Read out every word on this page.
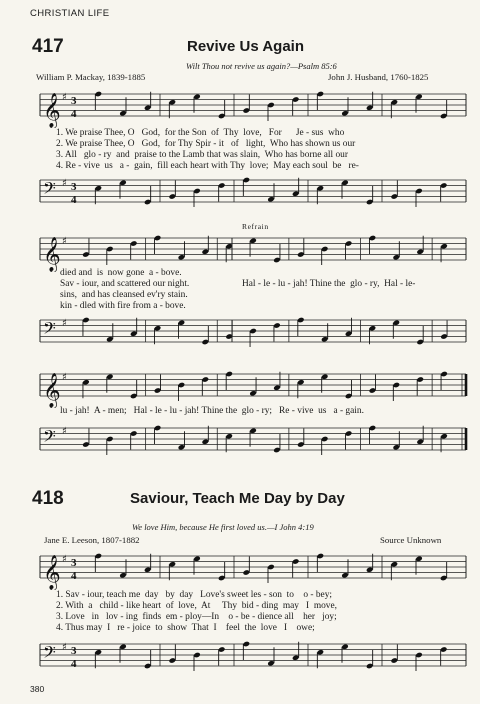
CHRISTIAN LIFE
417	Revive Us Again
Wilt Thou not revive us again?—Psalm 85:6
William P. Mackay, 1839-1885	John J. Husband, 1760-1825
𝄞 ♯ 3
4
1. We praise Thee, O   God,  for the Son  of  Thy  love,   For      Je - sus  who
2. We praise Thee, O   God,  for Thy Spir - it   of   light,  Who has shown us our
3. All   glo - ry  and  praise to the Lamb that was slain,  Who has borne all our
4. Re - vive  us   a -  gain,  fill each heart with Thy  love;  May each soul  be   re-
𝄢 ♯ 3
4
Refrain
𝄞 ♯
died and  is  now gone  a - bove.
Sav - iour, and scattered our night.
sins,  and has cleansed ev'ry stain.
kin - dled with fire from a - bove.
Hal - le - lu - jah! Thine the  glo - ry,  Hal - le-
𝄢 ♯
𝄞 ♯
lu - jah!  A - men;   Hal - le - lu - jah! Thine the  glo - ry;   Re - vive  us   a - gain.
𝄢 ♯
418	Saviour, Teach Me Day by Day
We love Him, because He first loved us.—I John 4:19
Jane E. Leeson, 1807-1882	Source Unknown
𝄞 ♯ 3
4
1. Sav - iour, teach me  day   by  day   Love's sweet les - son  to    o - bey;
2. With  a   child - like heart  of  love,  At     Thy  bid - ding  may   I  move,
3. Love   in   lov - ing  finds  em - ploy—In    o - be - dience all    her   joy;
4. Thus may  I   re - joice  to  show  That  I    feel  the  love   I    owe;
𝄢 ♯ 3
4
380
